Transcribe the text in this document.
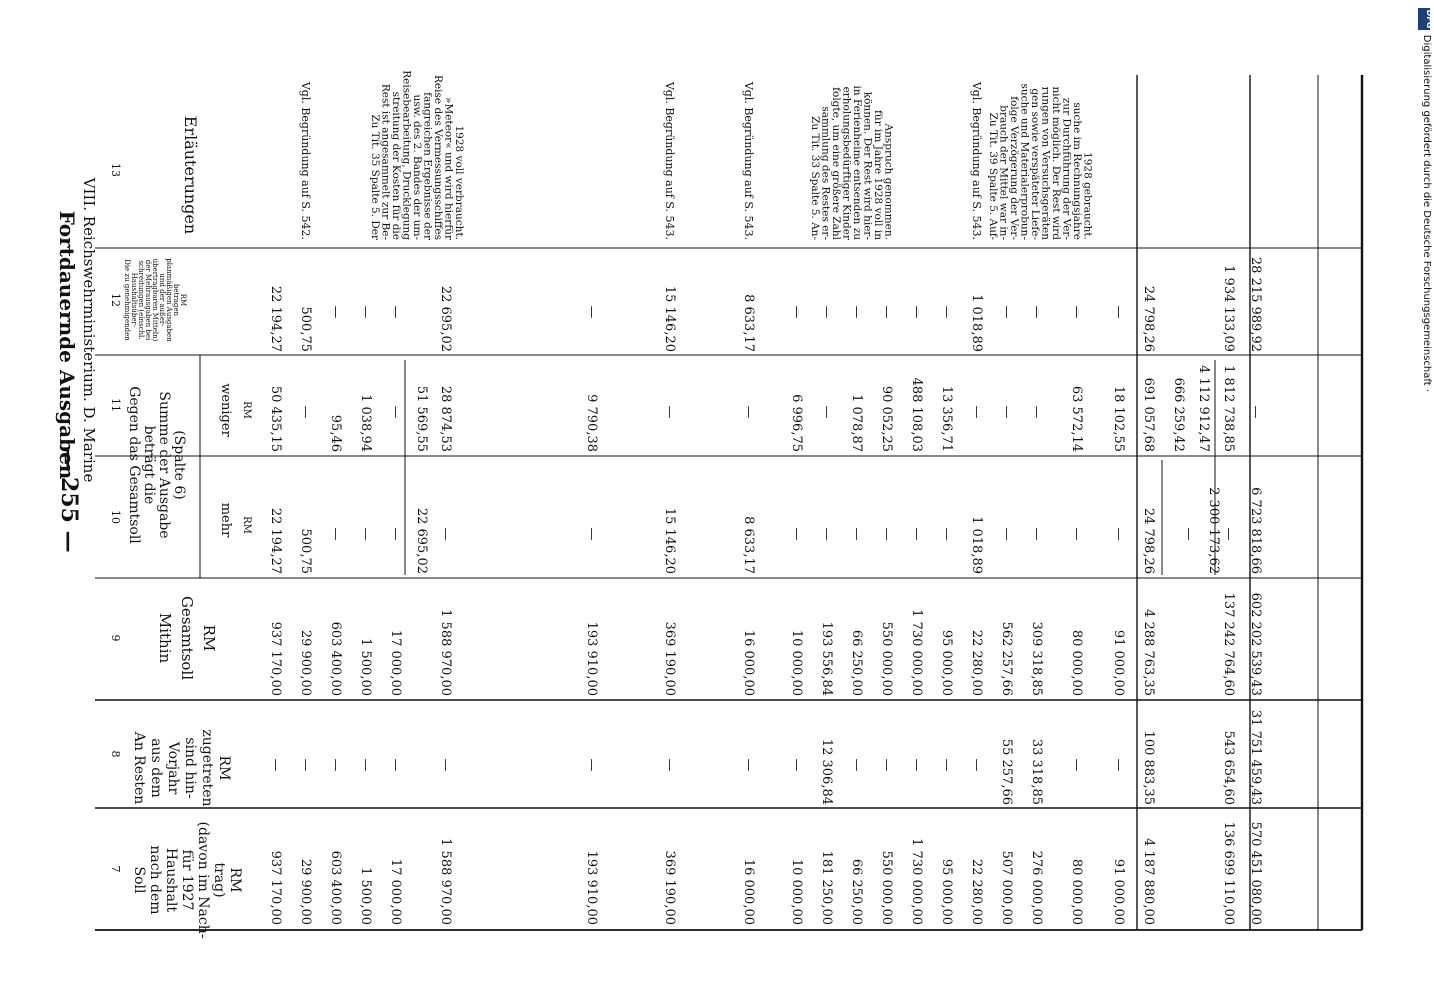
— 255 —
Fortdauernde Ausgaben VIII. Reichswehrministerium. D. Marine
7
8
9
10
11
12
13
Soll nach dem Haushalt für 1927 (davon im Nach- trag) RM
An Resten aus dem Vorjahr sind hin- zugetreten RM
Mithin Gesamtsoll RM
Gegen das Gesamtsoll beträgt die Summe der Ausgabe (Spalte 6)
Die zu genehmigenden Haushaltsüber- schreitungen (einschl. der Mehrausgaben bei übertragbaren Mitteln) und der außer- planmäßigen Ausgaben betragen RM
Erläuterungen
mehr RM
weniger RM
937 170,00
—
937 170,00
22 194,27
50 435,15
22 194,27
29 900,00
—
29 900,00
500,75
—
500,75
Vgl. Begründung auf S. 542.
603 400,00
—
603 400,00
—
95,46
—
1 500,00
—
1 500,00
—
1 038,94
—
17 000,00
—
17 000,00
—
—
—
1 588 970,00
—
1 588 970,00
—
28 874,53
22 695,02
193 910,00
—
193 910,00
—
9 790,38
—
369 190,00
—
369 190,00
15 146,20
—
15 146,20
Vgl. Begründung auf S. 543.
16 000,00
—
16 000,00
8 633,17
—
8 633,17
Vgl. Begründung auf S. 543.
10 000,00
—
10 000,00
—
6 996,75
—
181 250,00
12 306,84
193 556,84
—
—
—
66 250,00
—
66 250,00
—
1 078,87
—
550 000,00
—
550 000,00
—
90 052,25
—
1 730 000,00
—
1 730 000,00
—
488 108,03
—
95 000,00
—
95 000,00
—
13 356,71
—
22 280,00
—
22 280,00
1 018,89
—
1 018,89
Vgl. Begründung auf S. 543.
507 000,00
55 257,66
562 257,66
—
—
—
276 000,00
33 318,85
309 318,85
—
—
—
80 000,00
—
80 000,00
—
63 572,14
—
91 000,00
—
91 000,00
—
18 102,55
—
22 695,02
51 569,55
Zu Tit. 35 Spalte 5. Der
Rest ist angesammelt zur Be-
streitung der Kosten für die
Reisebearbeitung, Drucklegung
usw. des 2. Bandes der um-
fangreichen Ergebnisse der
Reise des Vermessungsschiffes
»Meteor« und wird hierfür
1928 voll verbraucht.	Zu Tit. 33 Spalte 5. An-
sammlung des Restes er-
folgte, um eine größere Zahl
erholungsbedürftiger Kinder
in Ferienheime entsenden zu
können. Der Rest wird hier-
für im Jahre 1928 voll in
Anspruch genommen.	Zu Tit. 39 Spalte 5. Auf-
brauch der Mittel war in-
folge Verzögerung der Ver-
suche und Materialerprobun-
gen sowie verspäteter Liefe-
rungen von Versuchsgeräten
nicht möglich. Der Rest wird
zur Durchführung der Ver-
suche im Rechnungsjahre
1928 gebraucht.
4 187 880,00
100 883,35
4 288 763,35
24 798,26
691 057,68
24 798,26
136 699 110,00
543 654,60
137 242 764,60
—
1 812 738,85
1 934 133,09
570 451 080,00
31 751 459,43
602 202 539,43
6 723 818,66
—
28 215 989,92
— 2 300 173,62
666 259,42 4 112 912,47
Digitalisierung gefördert durch die Deutsche Forschungsgemeinschaft ·
DFG
